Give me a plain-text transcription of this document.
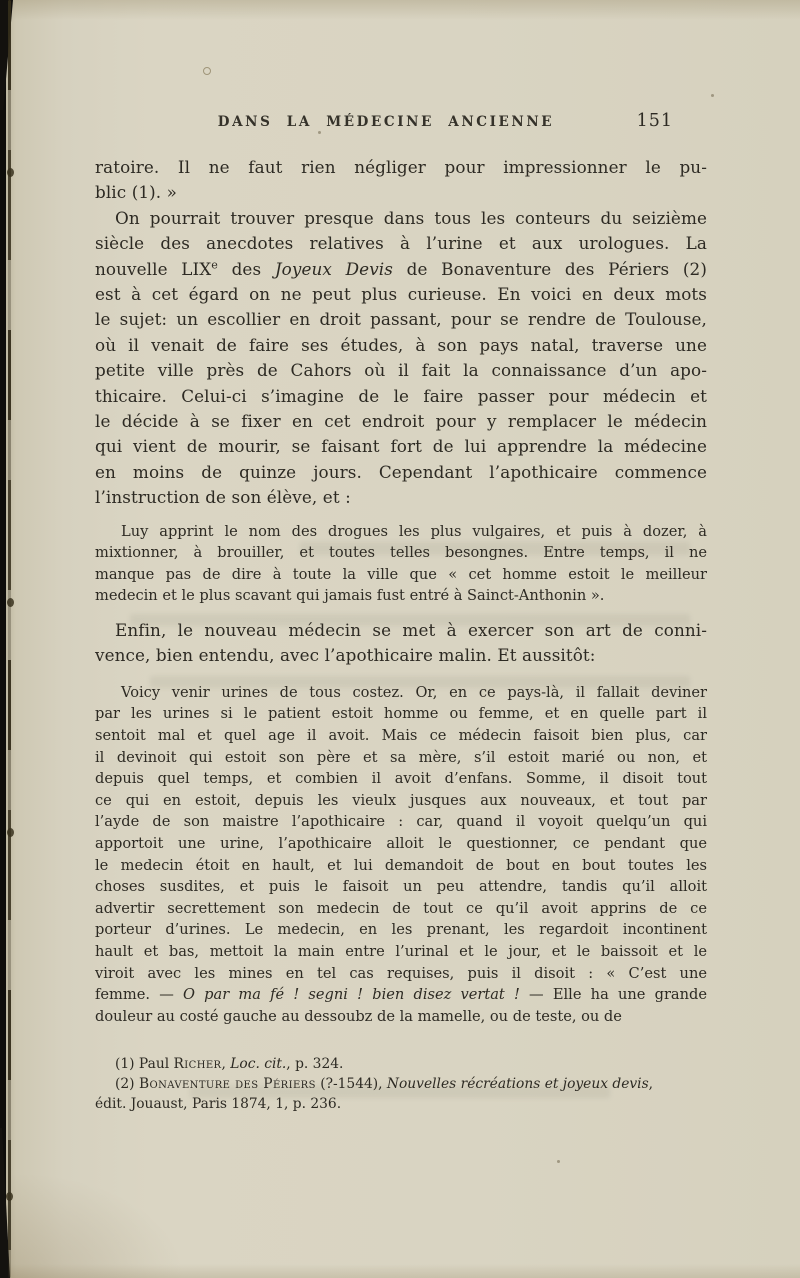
DANS LA MÉDECINE ANCIENNE	151
ratoire. Il ne faut rien négliger pour impressionner le pu-
blic (1). »
On pourrait trouver presque dans tous les conteurs du seizième
siècle des anecdotes relatives à l’urine et aux urologues. La
nouvelle LIXe des Joyeux Devis de Bonaventure des Périers (2)
est à cet égard on ne peut plus curieuse. En voici en deux mots
le sujet: un escollier en droit passant, pour se rendre de Toulouse,
où il venait de faire ses études, à son pays natal, traverse une
petite ville près de Cahors où il fait la connaissance d’un apo-
thicaire. Celui-ci s’imagine de le faire passer pour médecin et
le décide à se fixer en cet endroit pour y remplacer le médecin
qui vient de mourir, se faisant fort de lui apprendre la médecine
en moins de quinze jours. Cependant l’apothicaire commence
l’instruction de son élève, et :
Luy apprint le nom des drogues les plus vulgaires, et puis à dozer, à
mixtionner, à brouiller, et toutes telles besongnes. Entre temps, il ne
manque pas de dire à toute la ville que « cet homme estoit le meilleur
medecin et le plus scavant qui jamais fust entré à Sainct-Anthonin ».
Enfin, le nouveau médecin se met à exercer son art de conni-
vence, bien entendu, avec l’apothicaire malin. Et aussitôt:
Voicy venir urines de tous costez. Or, en ce pays-là, il fallait deviner
par les urines si le patient estoit homme ou femme, et en quelle part il
sentoit mal et quel age il avoit. Mais ce médecin faisoit bien plus, car
il devinoit qui estoit son père et sa mère, s’il estoit marié ou non, et
depuis quel temps, et combien il avoit d’enfans. Somme, il disoit tout
ce qui en estoit, depuis les vieulx jusques aux nouveaux, et tout par
l’ayde de son maistre l’apothicaire : car, quand il voyoit quelqu’un qui
apportoit une urine, l’apothicaire alloit le questionner, ce pendant que
le medecin étoit en hault, et lui demandoit de bout en bout toutes les
choses susdites, et puis le faisoit un peu attendre, tandis qu’il alloit
advertir secrettement son medecin de tout ce qu’il avoit apprins de ce
porteur d’urines. Le medecin, en les prenant, les regardoit incontinent
hault et bas, mettoit la main entre l’urinal et le jour, et le baissoit et le
viroit avec les mines en tel cas requises, puis il disoit : « C’est une
femme. — O par ma fé ! segni ! bien disez vertat ! — Elle ha une grande
douleur au costé gauche au dessoubz de la mamelle, ou de teste, ou de
(1) Paul Richer, Loc. cit., p. 324.
(2) Bonaventure des Périers (?-1544), Nouvelles récréations et joyeux devis,
édit. Jouaust, Paris 1874, 1, p. 236.
